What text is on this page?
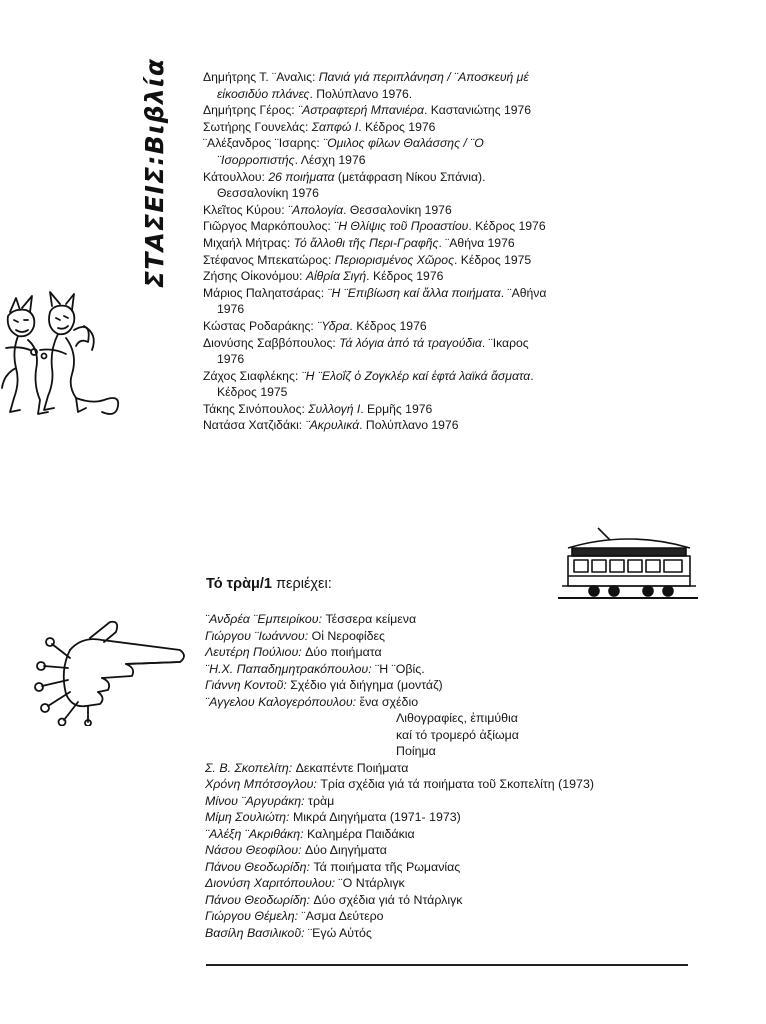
ΣΤΑΣΕΙΣ:Βιβλία	Δημήτρης Τ. ¨Αναλις: Πανιά γιά περιπλάνηση / ¨Αποσκευή μέ εἰκοσιδύο πλάνες. Πολύπλανο 1976.
Δημήτρης Γέρος: ¨Αστραφτερή Μπανιέρα. Καστανιώτης 1976
Σωτήρης Γουνελάς: Σαπφώ Ι. Κέδρος 1976
¨Αλέξανδρος ¨Ισαρης: ¨Ομιλος φίλων Θαλάσσης / ¨Ο ¨Ισορροπιστής. Λέσχη 1976
Κάτουλλου: 26 ποιήματα (μετάφραση Νίκου Σπάνια). Θεσσαλονίκη 1976
Κλεῖτος Κύρου: ¨Απολογία. Θεσσαλονίκη 1976
Γιῶργος Μαρκόπουλος: ¨Η Θλίψις τοῦ Προαστίου. Κέδρος 1976
Μιχαήλ Μήτρας: Τό ἄλλοθι τῆς Περι-Γραφῆς. ¨Αθήνα 1976
Στέφανος Μπεκατώρος: Περιορισμένος Χῶρος. Κέδρος 1975
Ζήσης Οἰκονόμου: Αἰθρία Σιγή. Κέδρος 1976
Μάριος Παληατσάρας: ¨Η ¨Επιβίωση καί ἄλλα ποιήματα. ¨Αθήνα 1976
Κώστας Ροδαράκης: ¨Υδρα. Κέδρος 1976
Διονύσης Σαββόπουλος: Τά λόγια ἀπό τά τραγούδια. ¨Ικαρος 1976
Ζάχος Σιαφλέκης: ¨Η ¨Ελοΐζ ὁ Ζογκλέρ καί ἑφτά λαϊκά ἄσματα. Κέδρος 1975
Τάκης Σινόπουλος: Συλλογή Ι. Ερμῆς 1976
Νατάσα Χατζιδάκι: ¨Ακρυλικά. Πολύπλανο 1976
Τό τρὰμ/1 περιέχει:
¨Ανδρέα ¨Εμπειρίκου: Τέσσερα κείμενα
Γιώργου ¨Ιωάννου: Οἱ Νεροφίδες
Λευτέρη Πούλιου: Δύο ποιήματα
¨Η.Χ. Παπαδημητρακόπουλου: ¨Η ¨Οβίς.
Γιάννη Κοντοῦ: Σχέδιο γιά διήγημα (μοντάζ)
¨Αγγελου Καλογερόπουλου: ἕνα σχέδιο
Λιθογραφίες, ἐπιμύθια
καί τό τρομερό ἀξίωμα
Ποίημα
Σ. Β. Σκοπελίτη: Δεκαπέντε Ποιήματα
Χρόνη Μπότσογλου: Τρία σχέδια γιά τά ποιήματα τοῦ Σκοπελίτη (1973)
Μίνου ¨Αργυράκη: τρὰμ
Μίμη Σουλιώτη: Μικρά Διηγήματα (1971- 1973)
¨Αλέξη ¨Ακριθάκη: Καλημέρα Παιδάκια
Νάσου Θεοφίλου: Δύο Διηγήματα
Πάνου Θεοδωρίδη: Τά ποιήματα τῆς Ρωμανίας
Διονύση Χαριτόπουλου: ¨Ο Ντάρλιγκ
Πάνου Θεοδωρίδη: Δύο σχέδια γιά τό Ντάρλιγκ
Γιώργου Θέμελη: ¨Ασμα Δεύτερο
Βασίλη Βασιλικοῦ: ¨Εγώ Αὐτός
